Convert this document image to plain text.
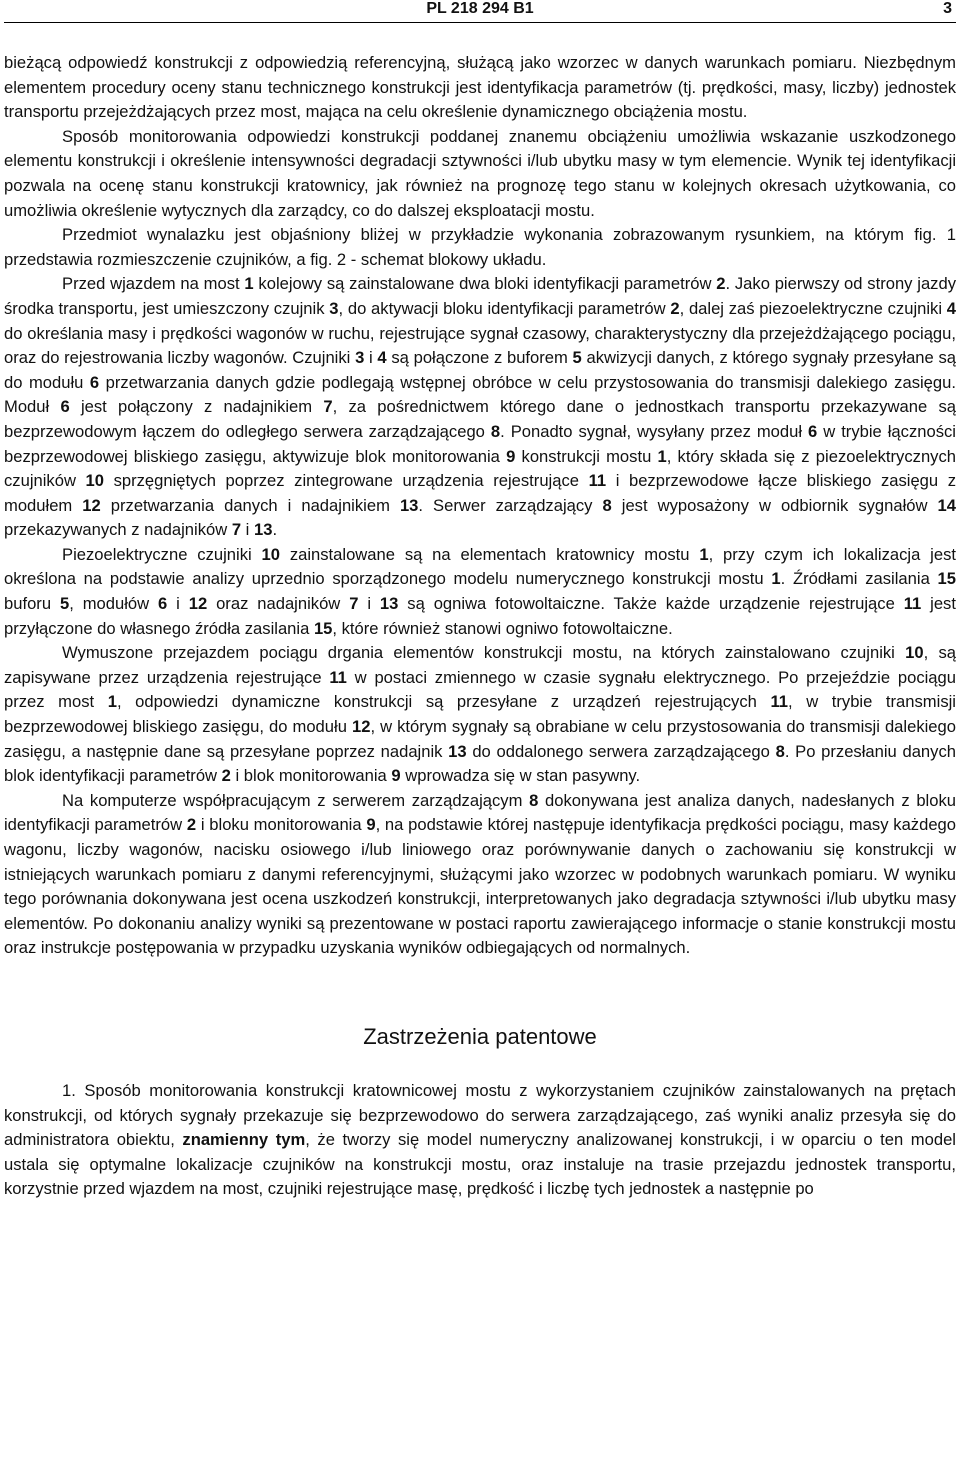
PL 218 294 B1	3

bieżącą odpowiedź konstrukcji z odpowiedzią referencyjną, służącą jako wzorzec w danych warunkach pomiaru. Niezbędnym elementem procedury oceny stanu technicznego konstrukcji jest identyfikacja parametrów (tj. prędkości, masy, liczby) jednostek transportu przejeżdżających przez most, mająca na celu określenie dynamicznego obciążenia mostu.

Sposób monitorowania odpowiedzi konstrukcji poddanej znanemu obciążeniu umożliwia wskazanie uszkodzonego elementu konstrukcji i określenie intensywności degradacji sztywności i/lub ubytku masy w tym elemencie. Wynik tej identyfikacji pozwala na ocenę stanu konstrukcji kratownicy, jak również na prognozę tego stanu w kolejnych okresach użytkowania, co umożliwia określenie wytycznych dla zarządcy, co do dalszej eksploatacji mostu.

Przedmiot wynalazku jest objaśniony bliżej w przykładzie wykonania zobrazowanym rysunkiem, na którym fig. 1 przedstawia rozmieszczenie czujników, a fig. 2 - schemat blokowy układu.

Przed wjazdem na most 1 kolejowy są zainstalowane dwa bloki identyfikacji parametrów 2. Jako pierwszy od strony jazdy środka transportu, jest umieszczony czujnik 3, do aktywacji bloku identyfikacji parametrów 2, dalej zaś piezoelektryczne czujniki 4 do określania masy i prędkości wagonów w ruchu, rejestrujące sygnał czasowy, charakterystyczny dla przejeżdżającego pociągu, oraz do rejestrowania liczby wagonów. Czujniki 3 i 4 są połączone z buforem 5 akwizycji danych, z którego sygnały przesyłane są do modułu 6 przetwarzania danych gdzie podlegają wstępnej obróbce w celu przystosowania do transmisji dalekiego zasięgu. Moduł 6 jest połączony z nadajnikiem 7, za pośrednictwem którego dane o jednostkach transportu przekazywane są bezprzewodowym łączem do odległego serwera zarządzającego 8. Ponadto sygnał, wysyłany przez moduł 6 w trybie łączności bezprzewodowej bliskiego zasięgu, aktywizuje blok monitorowania 9 konstrukcji mostu 1, który składa się z piezoelektrycznych czujników 10 sprzęgniętych poprzez zintegrowane urządzenia rejestrujące 11 i bezprzewodowe łącze bliskiego zasięgu z modułem 12 przetwarzania danych i nadajnikiem 13. Serwer zarządzający 8 jest wyposażony w odbiornik sygnałów 14 przekazywanych z nadajników 7 i 13.

Piezoelektryczne czujniki 10 zainstalowane są na elementach kratownicy mostu 1, przy czym ich lokalizacja jest określona na podstawie analizy uprzednio sporządzonego modelu numerycznego konstrukcji mostu 1. Źródłami zasilania 15 buforu 5, modułów 6 i 12 oraz nadajników 7 i 13 są ogniwa fotowoltaiczne. Także każde urządzenie rejestrujące 11 jest przyłączone do własnego źródła zasilania 15, które również stanowi ogniwo fotowoltaiczne.

Wymuszone przejazdem pociągu drgania elementów konstrukcji mostu, na których zainstalowano czujniki 10, są zapisywane przez urządzenia rejestrujące 11 w postaci zmiennego w czasie sygnału elektrycznego. Po przejeździe pociągu przez most 1, odpowiedzi dynamiczne konstrukcji są przesyłane z urządzeń rejestrujących 11, w trybie transmisji bezprzewodowej bliskiego zasięgu, do modułu 12, w którym sygnały są obrabiane w celu przystosowania do transmisji dalekiego zasięgu, a następnie dane są przesyłane poprzez nadajnik 13 do oddalonego serwera zarządzającego 8. Po przesłaniu danych blok identyfikacji parametrów 2 i blok monitorowania 9 wprowadza się w stan pasywny.

Na komputerze współpracującym z serwerem zarządzającym 8 dokonywana jest analiza danych, nadesłanych z bloku identyfikacji parametrów 2 i bloku monitorowania 9, na podstawie której następuje identyfikacja prędkości pociągu, masy każdego wagonu, liczby wagonów, nacisku osiowego i/lub liniowego oraz porównywanie danych o zachowaniu się konstrukcji w istniejących warunkach pomiaru z danymi referencyjnymi, służącymi jako wzorzec w podobnych warunkach pomiaru. W wyniku tego porównania dokonywana jest ocena uszkodzeń konstrukcji, interpretowanych jako degradacja sztywności i/lub ubytku masy elementów. Po dokonaniu analizy wyniki są prezentowane w postaci raportu zawierającego informacje o stanie konstrukcji mostu oraz instrukcje postępowania w przypadku uzyskania wyników odbiegających od normalnych.

Zastrzeżenia patentowe

1. Sposób monitorowania konstrukcji kratownicowej mostu z wykorzystaniem czujników zainstalowanych na prętach konstrukcji, od których sygnały przekazuje się bezprzewodowo do serwera zarządzającego, zaś wyniki analiz przesyła się do administratora obiektu, znamienny tym, że tworzy się model numeryczny analizowanej konstrukcji, i w oparciu o ten model ustala się optymalne lokalizacje czujników na konstrukcji mostu, oraz instaluje na trasie przejazdu jednostek transportu, korzystnie przed wjazdem na most, czujniki rejestrujące masę, prędkość i liczbę tych jednostek a następnie po
